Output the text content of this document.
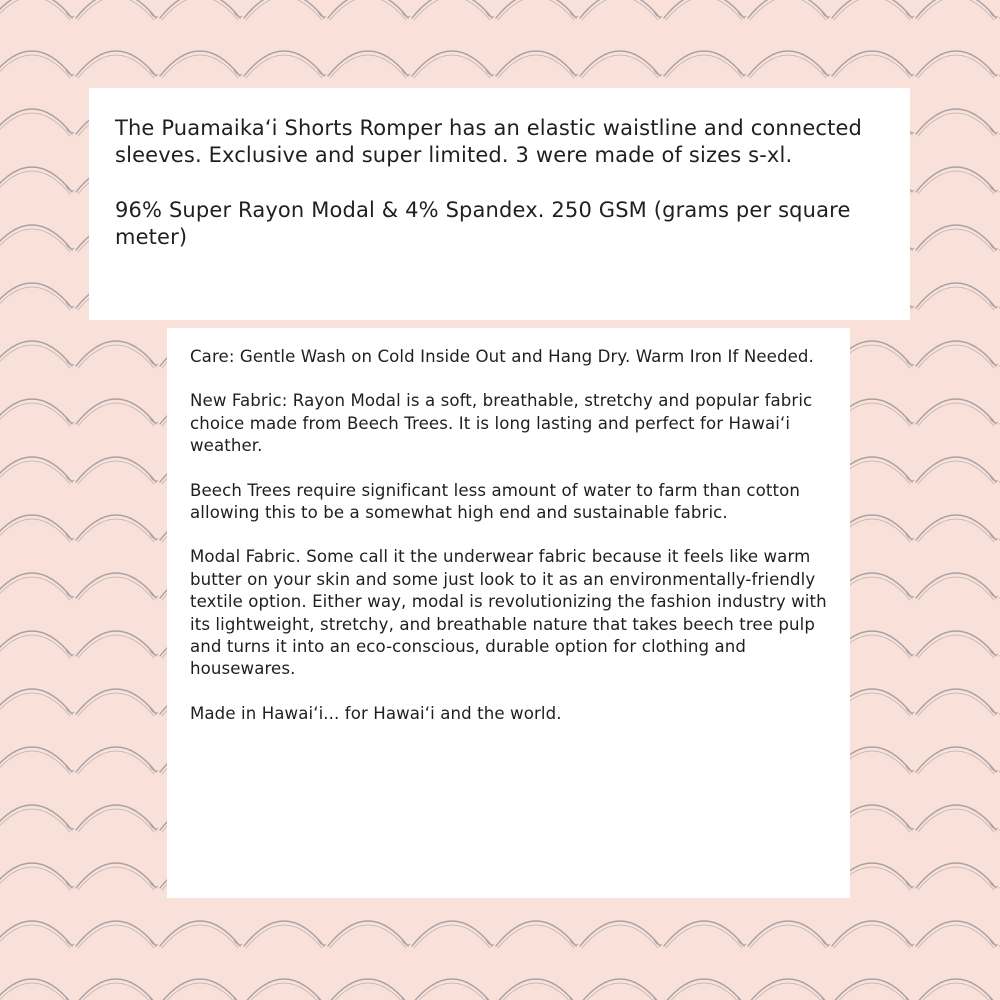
The Puamaikaʻi Shorts Romper has an elastic waistline and connected sleeves. Exclusive and super limited. 3 were made of sizes s-xl.

96% Super Rayon Modal & 4% Spandex. 250 GSM (grams per square meter)

Care: Gentle Wash on Cold Inside Out and Hang Dry. Warm Iron If Needed.

New Fabric: Rayon Modal is a soft, breathable, stretchy and popular fabric choice made from Beech Trees. It is long lasting and perfect for Hawaiʻi weather.

Beech Trees require significant less amount of water to farm than cotton allowing this to be a somewhat high end and sustainable fabric.

Modal Fabric. Some call it the underwear fabric because it feels like warm butter on your skin and some just look to it as an environmentally-friendly textile option. Either way, modal is revolutionizing the fashion industry with its lightweight, stretchy, and breathable nature that takes beech tree pulp and turns it into an eco-conscious, durable option for clothing and housewares.

Made in Hawaiʻi... for Hawaiʻi and the world.
